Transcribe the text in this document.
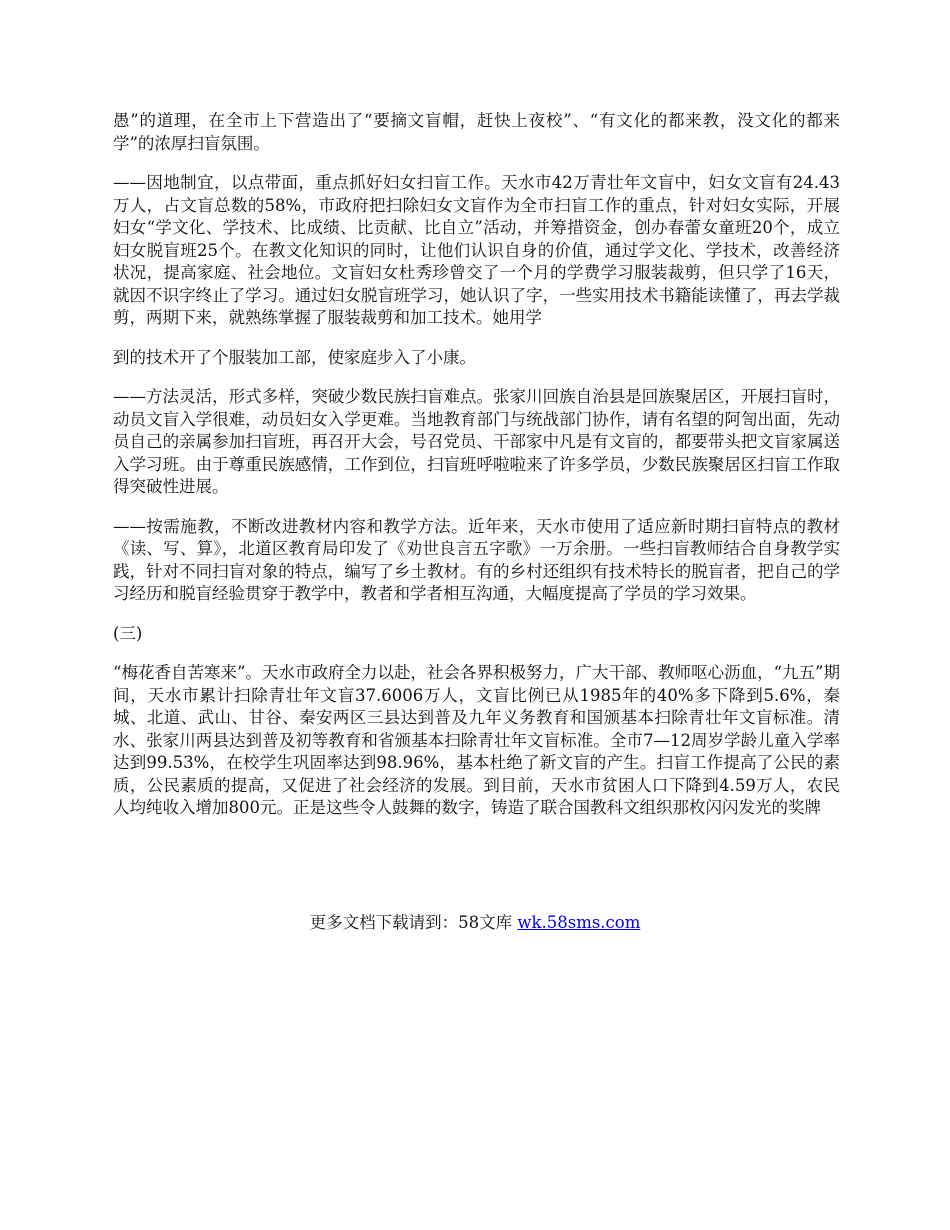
愚”的道理，在全市上下营造出了“要摘文盲帽，赶快上夜校”、“有文化的都来教，没文化的都来学”的浓厚扫盲氛围。

——因地制宜，以点带面，重点抓好妇女扫盲工作。天水市42万青壮年文盲中，妇女文盲有24.43万人，占文盲总数的58%，市政府把扫除妇女文盲作为全市扫盲工作的重点，针对妇女实际，开展妇女“学文化、学技术、比成绩、比贡献、比自立”活动，并筹措资金，创办春蕾女童班20个，成立妇女脱盲班25个。在教文化知识的同时，让他们认识自身的价值，通过学文化、学技术，改善经济状况，提高家庭、社会地位。文盲妇女杜秀珍曾交了一个月的学费学习服装裁剪，但只学了16天，就因不识字终止了学习。通过妇女脱盲班学习，她认识了字，一些实用技术书籍能读懂了，再去学裁剪，两期下来，就熟练掌握了服装裁剪和加工技术。她用学

到的技术开了个服装加工部，使家庭步入了小康。

——方法灵活，形式多样，突破少数民族扫盲难点。张家川回族自治县是回族聚居区，开展扫盲时，动员文盲入学很难，动员妇女入学更难。当地教育部门与统战部门协作，请有名望的阿訇出面，先动员自己的亲属参加扫盲班，再召开大会，号召党员、干部家中凡是有文盲的，都要带头把文盲家属送入学习班。由于尊重民族感情，工作到位，扫盲班呼啦啦来了许多学员，少数民族聚居区扫盲工作取得突破性进展。

——按需施教，不断改进教材内容和教学方法。近年来，天水市使用了适应新时期扫盲特点的教材《读、写、算》，北道区教育局印发了《劝世良言五字歌》一万余册。一些扫盲教师结合自身教学实践，针对不同扫盲对象的特点，编写了乡土教材。有的乡村还组织有技术特长的脱盲者，把自己的学习经历和脱盲经验贯穿于教学中，教者和学者相互沟通，大幅度提高了学员的学习效果。

(三)

“梅花香自苦寒来”。天水市政府全力以赴，社会各界积极努力，广大干部、教师呕心沥血，“九五”期间，天水市累计扫除青壮年文盲37.6006万人，文盲比例已从1985年的40%多下降到5.6%，秦城、北道、武山、甘谷、秦安两区三县达到普及九年义务教育和国颁基本扫除青壮年文盲标准。清水、张家川两县达到普及初等教育和省颁基本扫除青壮年文盲标准。全市7—12周岁学龄儿童入学率达到99.53%，在校学生巩固率达到98.96%，基本杜绝了新文盲的产生。扫盲工作提高了公民的素质，公民素质的提高，又促进了社会经济的发展。到目前，天水市贫困人口下降到4.59万人，农民人均纯收入增加800元。正是这些令人鼓舞的数字，铸造了联合国教科文组织那枚闪闪发光的奖牌

更多文档下载请到：58文库 wk.58sms.com
